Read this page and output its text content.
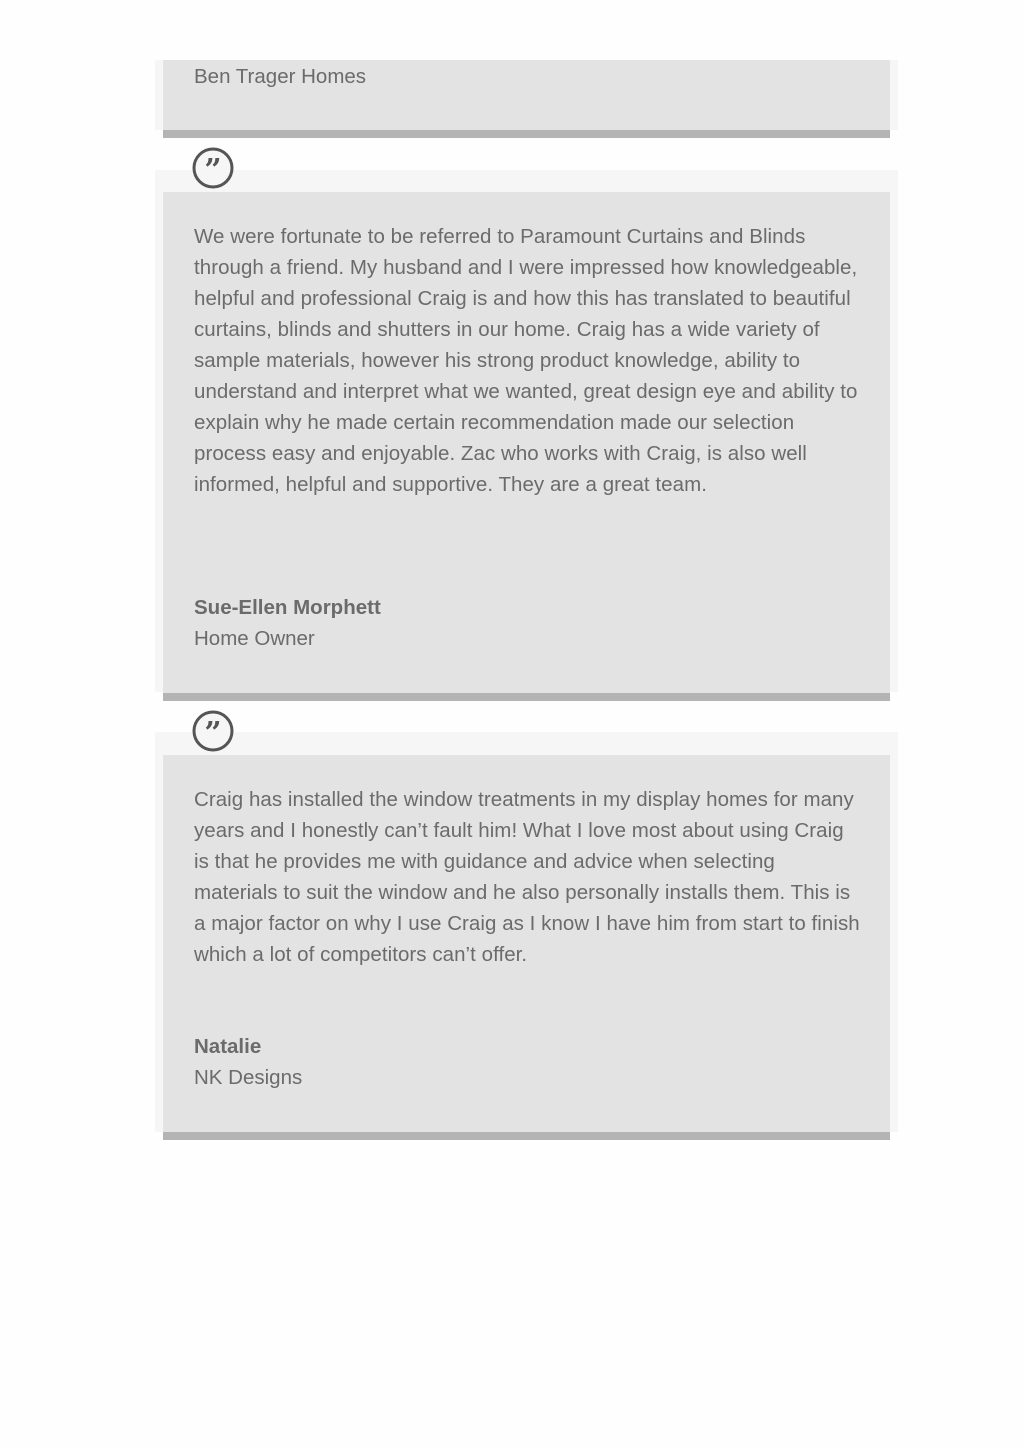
Ben Trager Homes

”

We were fortunate to be referred to Paramount Curtains and Blinds through a friend. My husband and I were impressed how knowledgeable, helpful and professional Craig is and how this has translated to beautiful curtains, blinds and shutters in our home. Craig has a wide variety of sample materials, however his strong product knowledge, ability to understand and interpret what we wanted, great design eye and ability to explain why he made certain recommendation made our selection process easy and enjoyable. Zac who works with Craig, is also well informed, helpful and supportive. They are a great team.

Sue-Ellen Morphett

Home Owner

”

Craig has installed the window treatments in my display homes for many years and I honestly can’t fault him! What I love most about using Craig is that he provides me with guidance and advice when selecting materials to suit the window and he also personally installs them. This is a major factor on why I use Craig as I know I have him from start to finish which a lot of competitors can’t offer.

Natalie

NK Designs
